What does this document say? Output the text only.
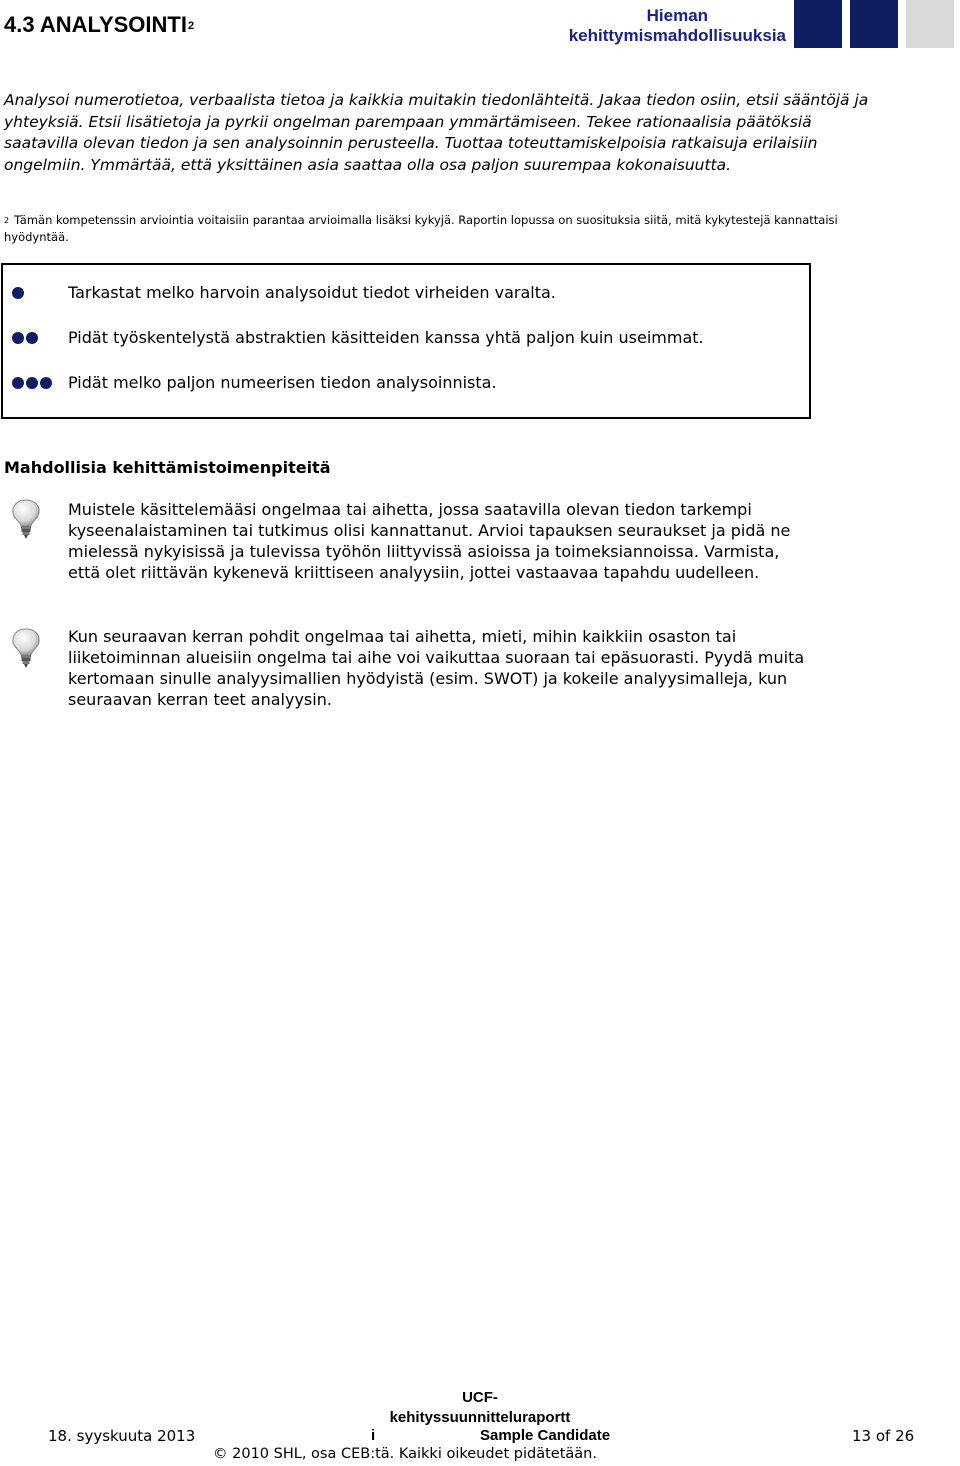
4.3 ANALYSOINTI$^2$
Hieman
kehittymismahdollisuuksia
Analysoi numerotietoa, verbaalista tietoa ja kaikkia muitakin tiedonlähteitä. Jakaa tiedon osiin, etsii sääntöjä ja yhteyksiä. Etsii lisätietoja ja pyrkii ongelman parempaan ymmärtämiseen. Tekee rationaalisia päätöksiä saatavilla olevan tiedon ja sen analysoinnin perusteella. Tuottaa toteuttamiskelpoisia ratkaisuja erilaisiin ongelmiin. Ymmärtää, että yksittäinen asia saattaa olla osa paljon suurempaa kokonaisuutta.
$^2$ Tämän kompetenssin arviointia voitaisiin parantaa arvioimalla lisäksi kykyjä. Raportin lopussa on suosituksia siitä, mitä kykytestejä kannattaisi hyödyntää.
Tarkastat melko harvoin analysoidut tiedot virheiden varalta.
Pidät työskentelystä abstraktien käsitteiden kanssa yhtä paljon kuin useimmat.
Pidät melko paljon numeerisen tiedon analysoinnista.
Mahdollisia kehittämistoimenpiteitä
Muistele käsittelemääsi ongelmaa tai aihetta, jossa saatavilla olevan tiedon tarkempi kyseenalaistaminen tai tutkimus olisi kannattanut. Arvioi tapauksen seuraukset ja pidä ne mielessä nykyisissä ja tulevissa työhön liittyvissä asioissa ja toimeksiannoissa. Varmista, että olet riittävän kykenevä kriittiseen analyysiin, jottei vastaavaa tapahdu uudelleen.
Kun seuraavan kerran pohdit ongelmaa tai aihetta, mieti, mihin kaikkiin osaston tai liiketoiminnan alueisiin ongelma tai aihe voi vaikuttaa suoraan tai epäsuorasti. Pyydä muita kertomaan sinulle analyysimallien hyödyistä (esim. SWOT) ja kokeile analyysimalleja, kun seuraavan kerran teet analyysin.
18. syyskuuta 2013
UCF-
kehityssuunnitteluraportt
i	Sample Candidate	13 of 26
© 2010 SHL, osa CEB:tä. Kaikki oikeudet pidätetään.
